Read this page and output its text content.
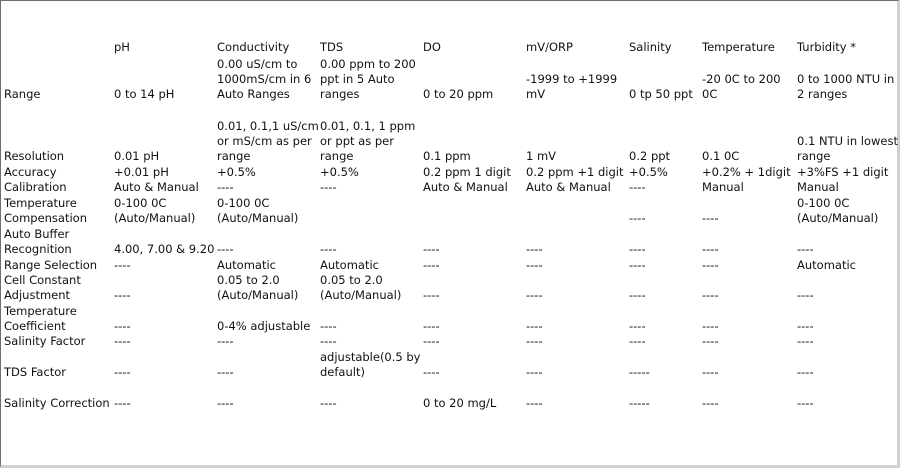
	pH	Conductivity	TDS	DO	mV/ORP	Salinity	Temperature	Turbidity *
Range	0 to 14 pH	0.00 uS/cm to 1000mS/cm in 6 Auto Ranges	0.00 ppm to 200 ppt in 5 Auto ranges	0 to 20 ppm	-1999 to +1999 mV	0 tp 50 ppt	-20 0C to 200 0C	0 to 1000 NTU in 2 ranges
Resolution	0.01 pH	0.01, 0.1,1 uS/cm or mS/cm as per range	0.01, 0.1, 1 ppm or ppt as per range	0.1 ppm	1 mV	0.2 ppt	0.1 0C	0.1 NTU in lowest range
Accuracy	+0.01 pH	+0.5%	+0.5%	0.2 ppm 1 digit	0.2 ppm +1 digit	+0.5%	+0.2% + 1digit	+3%FS +1 digit
Calibration	Auto & Manual	----	----	Auto & Manual	Auto & Manual	----	Manual	Manual
Temperature Compensation	0-100 0C (Auto/Manual)	0-100 0C (Auto/Manual)				----	----	0-100 0C (Auto/Manual)
Auto Buffer Recognition	4.00, 7.00 & 9.20	----	----	----	----	----	----	----
Range Selection	----	Automatic	Automatic	----	----	----	----	Automatic
Cell Constant Adjustment	----	0.05 to 2.0 (Auto/Manual)	0.05 to 2.0 (Auto/Manual)	----	----	----	----	----
Temperature Coefficient	----	0-4% adjustable	----	----	----	----	----	----
Salinity Factor	----	----	----	----	----	----	----	----
TDS Factor	----	----	adjustable(0.5 by default)	----	----	-----	----	----
Salinity Correction	----	----	----	0 to 20 mg/L	----	-----	----	----
